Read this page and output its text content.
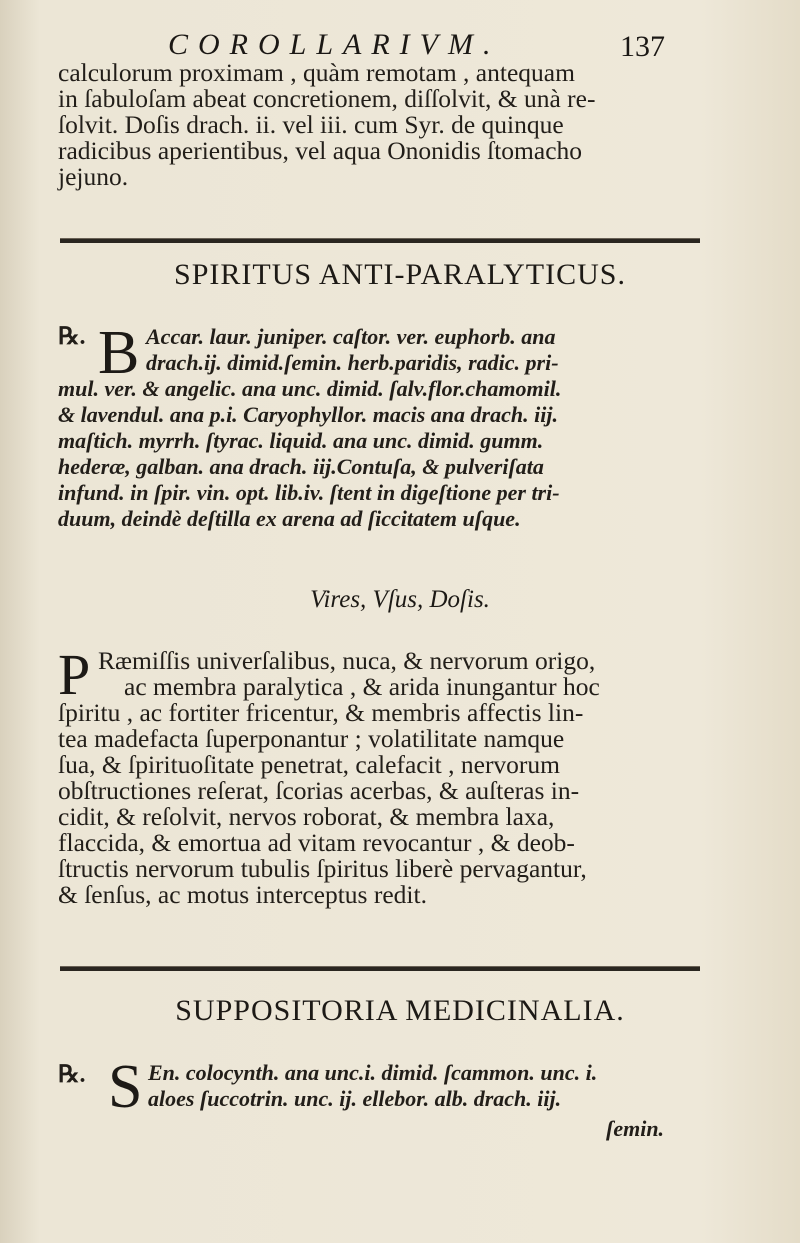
COROLLARIVM.	137
calculorum proximam , quàm remotam , antequam
in ſabuloſam abeat concretionem, diſſolvit, & unà re-
ſolvit. Doſis drach. ii. vel iii. cum Syr. de quinque
radicibus aperientibus, vel aqua Ononidis ſtomacho
jejuno.
SPIRITUS ANTI-PARALYTICUS.
℞. B Accar. laur. juniper. caſtor. ver. euphorb. ana
drach.ij. dimid.ſemin. herb.paridis, radic. pri-
mul. ver. & angelic. ana unc. dimid. ſalv.flor.chamomil.
& lavendul. ana p.i. Caryophyllor. macis ana drach. iij.
maſtich. myrrh. ſtyrac. liquid. ana unc. dimid. gumm.
hederæ, galban. ana drach. iij.Contuſa, & pulveriſata
infund. in ſpir. vin. opt. lib.iv. ſtent in digeſtione per tri-
duum, deindè deſtilla ex arena ad ſiccitatem uſque.
Vires, Vſus, Doſis.
P Ræmiſſis univerſalibus, nuca, & nervorum origo,
ac membra paralytica , & arida inungantur hoc
ſpiritu , ac fortiter fricentur, & membris affectis lin-
tea madefacta ſuperponantur ; volatilitate namque
ſua, & ſpirituoſitate penetrat, calefacit , nervorum
obſtructiones reſerat, ſcorias acerbas, & auſteras in-
cidit, & reſolvit, nervos roborat, & membra laxa,
flaccida, & emortua ad vitam revocantur , & deob-
ſtructis nervorum tubulis ſpiritus liberè pervagantur,
& ſenſus, ac motus interceptus redit.
SUPPOSITORIA MEDICINALIA.
℞. S En. colocynth. ana unc.i. dimid. ſcammon. unc. i.
aloes ſuccotrin. unc. ij. ellebor. alb. drach. iij.
ſemin.
